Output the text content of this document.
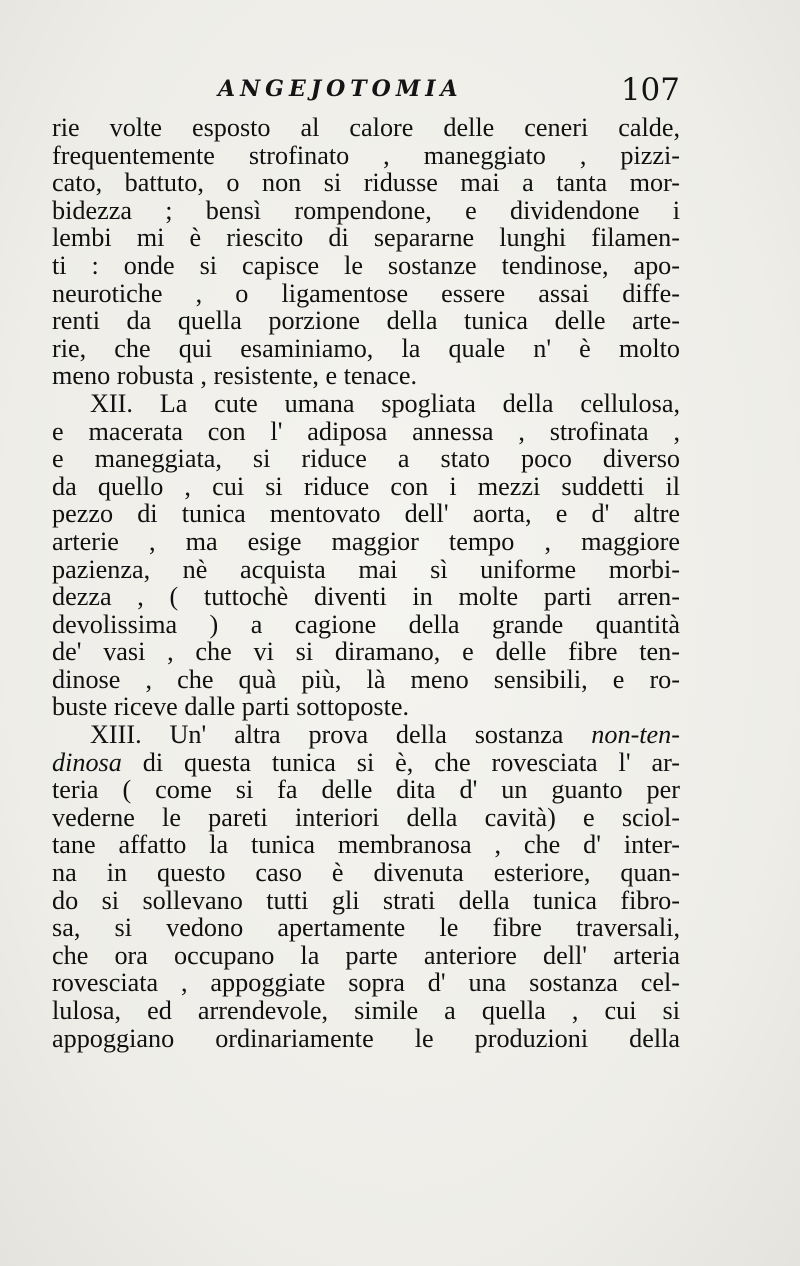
ANGEJOTOMIA	107
rie volte esposto al calore delle ceneri calde,
frequentemente strofinato , maneggiato , pizzi-
cato, battuto, o non si ridusse mai a tanta mor-
bidezza ; bensì rompendone, e dividendone i
lembi mi è riescito di separarne lunghi filamen-
ti : onde si capisce le sostanze tendinose, apo-
neurotiche , o ligamentose essere assai diffe-
renti da quella porzione della tunica delle arte-
rie, che qui esaminiamo, la quale n' è molto
meno robusta , resistente, e tenace.
XII. La cute umana spogliata della cellulosa,
e macerata con l' adiposa annessa , strofinata ,
e maneggiata, si riduce a stato poco diverso
da quello , cui si riduce con i mezzi suddetti il
pezzo di tunica mentovato dell' aorta, e d' altre
arterie , ma esige maggior tempo , maggiore
pazienza, nè acquista mai sì uniforme morbi-
dezza , ( tuttochè diventi in molte parti arren-
devolissima ) a cagione della grande quantità
de' vasi , che vi si diramano, e delle fibre ten-
dinose , che quà più, là meno sensibili, e ro-
buste riceve dalle parti sottoposte.
XIII. Un' altra prova della sostanza non-ten-
dinosa di questa tunica si è, che rovesciata l' ar-
teria ( come si fa delle dita d' un guanto per
vederne le pareti interiori della cavità) e sciol-
tane affatto la tunica membranosa , che d' inter-
na in questo caso è divenuta esteriore, quan-
do si sollevano tutti gli strati della tunica fibro-
sa, si vedono apertamente le fibre traversali,
che ora occupano la parte anteriore dell' arteria
rovesciata , appoggiate sopra d' una sostanza cel-
lulosa, ed arrendevole, simile a quella , cui si
appoggiano ordinariamente le produzioni della
